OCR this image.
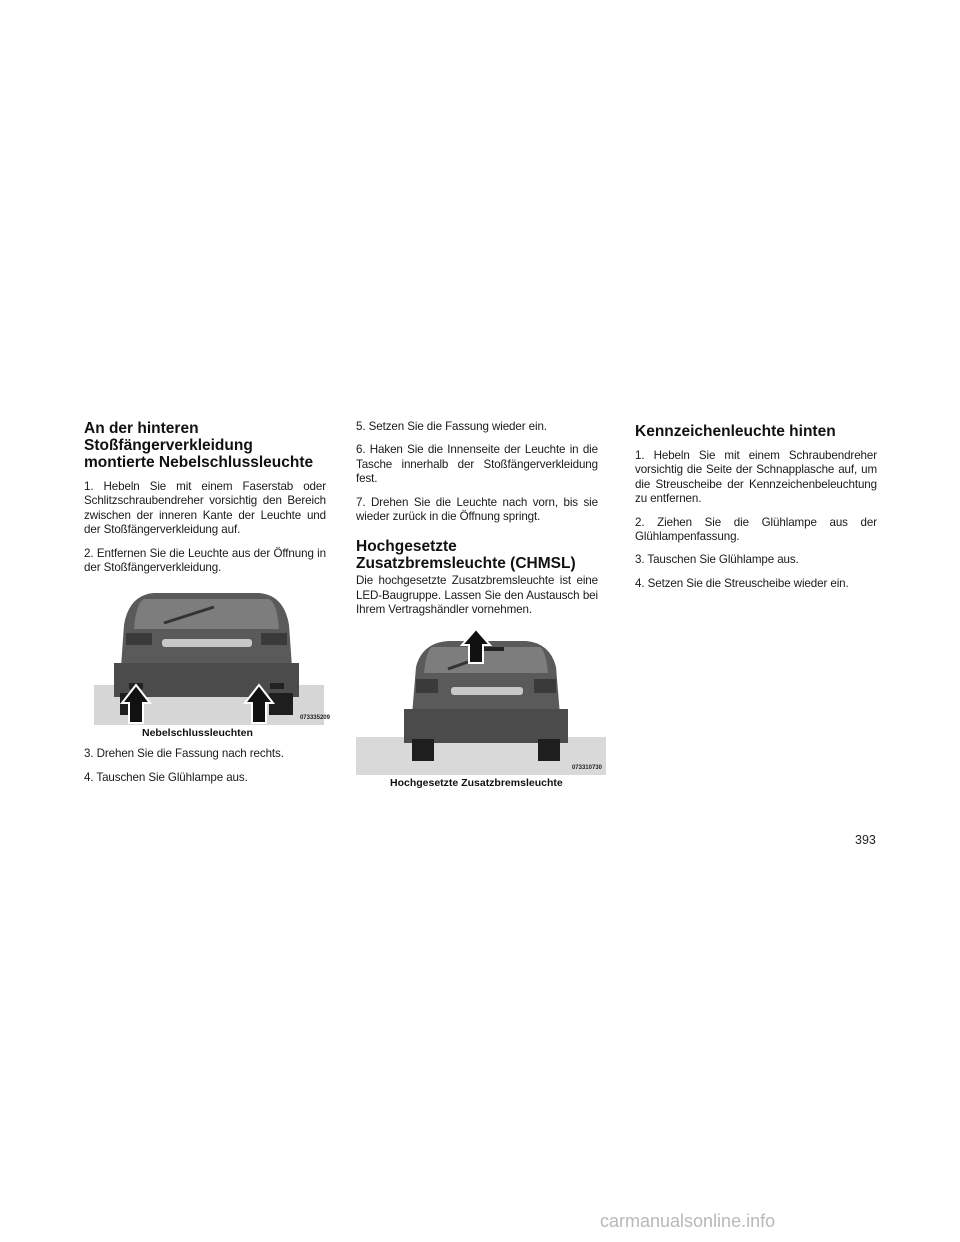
An der hinteren Stoßfängerverkleidung montierte Nebelschlussleuchte

1. Hebeln Sie mit einem Faserstab oder Schlitzschraubendreher vorsichtig den Bereich zwischen der inneren Kante der Leuchte und der Stoßfängerverkleidung auf.

2. Entfernen Sie die Leuchte aus der Öffnung in der Stoßfängerverkleidung.

073335209
Nebelschlussleuchten

3. Drehen Sie die Fassung nach rechts.

4. Tauschen Sie Glühlampe aus.

5. Setzen Sie die Fassung wieder ein.

6. Haken Sie die Innenseite der Leuchte in die Tasche innerhalb der Stoßfängerverkleidung fest.

7. Drehen Sie die Leuchte nach vorn, bis sie wieder zurück in die Öffnung springt.

Hochgesetzte Zusatzbremsleuchte (CHMSL)

Die hochgesetzte Zusatzbremsleuchte ist eine LED-Baugruppe. Lassen Sie den Austausch bei Ihrem Vertragshändler vornehmen.

073310730
Hochgesetzte Zusatzbremsleuchte
Kennzeichenleuchte hinten

1. Hebeln Sie mit einem Schraubendreher vorsichtig die Seite der Schnapplasche auf, um die Streuscheibe der Kennzeichenbeleuchtung zu entfernen.

2. Ziehen Sie die Glühlampe aus der Glühlampenfassung.

3. Tauschen Sie Glühlampe aus.

4. Setzen Sie die Streuscheibe wieder ein.

393
carmanualsonline.info
